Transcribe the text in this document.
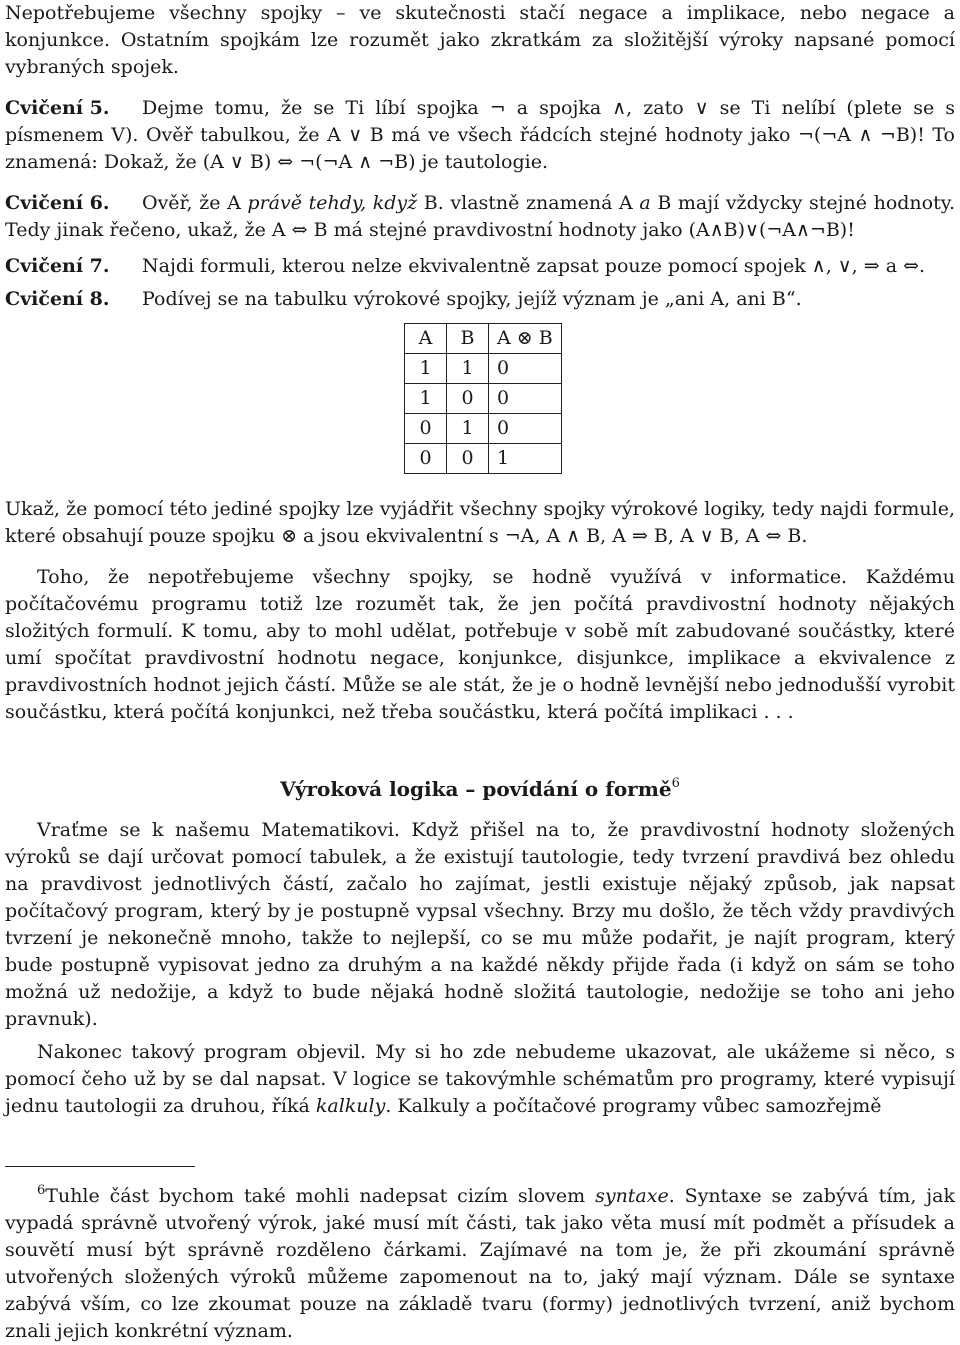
Nepotřebujeme všechny spojky – ve skutečnosti stačí negace a implikace, nebo negace a konjunkce. Ostatním spojkám lze rozumět jako zkratkám za složitější výroky napsané pomocí vybraných spojek.

Cvičení 5. Dejme tomu, že se Ti líbí spojka ¬ a spojka ∧, zato ∨ se Ti nelíbí (plete se s písmenem V). Ověř tabulkou, že A ∨ B má ve všech řádcích stejné hodnoty jako ¬(¬A ∧ ¬B)! To znamená: Dokaž, že (A ∨ B) ⇔ ¬(¬A ∧ ¬B) je tautologie.

Cvičení 6. Ověř, že A právě tehdy, když B. vlastně znamená A a B mají vždycky stejné hodnoty. Tedy jinak řečeno, ukaž, že A ⇔ B má stejné pravdivostní hodnoty jako (A∧B)∨(¬A∧¬B)!

Cvičení 7. Najdi formuli, kterou nelze ekvivalentně zapsat pouze pomocí spojek ∧, ∨, ⇒ a ⇔.

Cvičení 8. Podívej se na tabulku výrokové spojky, jejíž význam je „ani A, ani B“.

A	B	A ⊗ B
1	1	0
1	0	0
0	1	0
0	0	1

Ukaž, že pomocí této jediné spojky lze vyjádřit všechny spojky výrokové logiky, tedy najdi formule, které obsahují pouze spojku ⊗ a jsou ekvivalentní s ¬A, A ∧ B, A ⇒ B, A ∨ B, A ⇔ B.

Toho, že nepotřebujeme všechny spojky, se hodně využívá v informatice. Každému počítačovému programu totiž lze rozumět tak, že jen počítá pravdivostní hodnoty nějakých složitých formulí. K tomu, aby to mohl udělat, potřebuje v sobě mít zabudované součástky, které umí spočítat pravdivostní hodnotu negace, konjunkce, disjunkce, implikace a ekvivalence z pravdivostních hodnot jejich částí. Může se ale stát, že je o hodně levnější nebo jednodušší vyrobit součástku, která počítá konjunkci, než třeba součástku, která počítá implikaci . . .

Výroková logika – povídání o formě$^6$

Vraťme se k našemu Matematikovi. Když přišel na to, že pravdivostní hodnoty složených výroků se dají určovat pomocí tabulek, a že existují tautologie, tedy tvrzení pravdivá bez ohledu na pravdivost jednotlivých částí, začalo ho zajímat, jestli existuje nějaký způsob, jak napsat počítačový program, který by je postupně vypsal všechny. Brzy mu došlo, že těch vždy pravdivých tvrzení je nekonečně mnoho, takže to nejlepší, co se mu může podařit, je najít program, který bude postupně vypisovat jedno za druhým a na každé někdy přijde řada (i když on sám se toho možná už nedožije, a když to bude nějaká hodně složitá tautologie, nedožije se toho ani jeho pravnuk).

Nakonec takový program objevil. My si ho zde nebudeme ukazovat, ale ukážeme si něco, s pomocí čeho už by se dal napsat. V logice se takovýmhle schématům pro programy, které vypisují jednu tautologii za druhou, říká kalkuly. Kalkuly a počítačové programy vůbec samozřejmě

$^6$Tuhle část bychom také mohli nadepsat cizím slovem syntaxe. Syntaxe se zabývá tím, jak vypadá správně utvořený výrok, jaké musí mít části, tak jako věta musí mít podmět a přísudek a souvětí musí být správně rozděleno čárkami. Zajímavé na tom je, že při zkoumání správně utvořených složených výroků můžeme zapomenout na to, jaký mají význam. Dále se syntaxe zabývá vším, co lze zkoumat pouze na základě tvaru (formy) jednotlivých tvrzení, aniž bychom znali jejich konkrétní význam.
